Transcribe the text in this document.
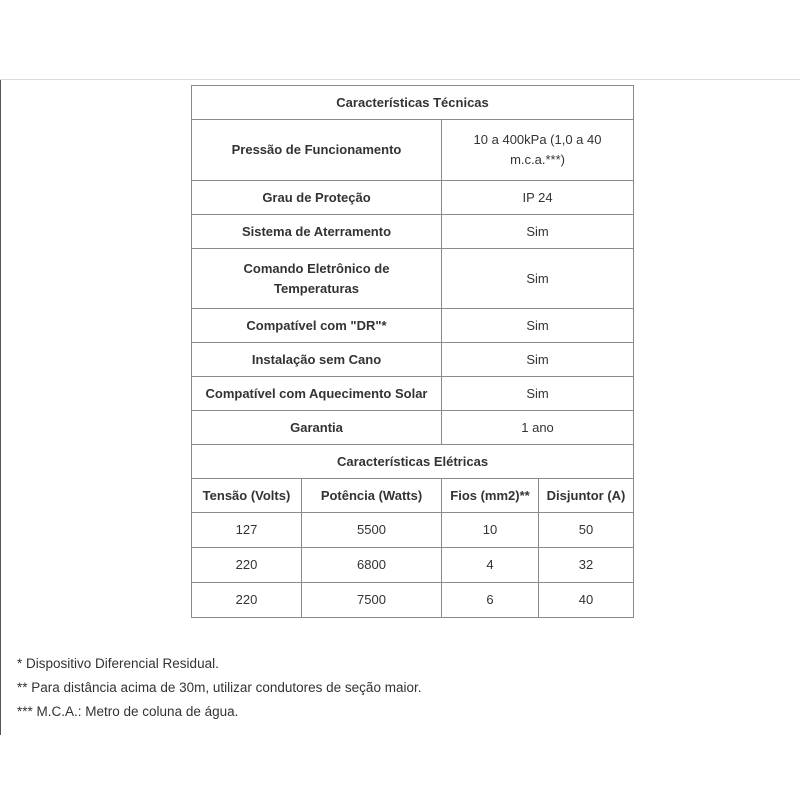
Características Técnicas			
Pressão de Funcionamento		10 a 400kPa (1,0 a 40 m.c.a.***)	
Grau de Proteção		IP 24	
Sistema de Aterramento		Sim	
Comando Eletrônico de Temperaturas		Sim	
Compatível com "DR"*		Sim	
Instalação sem Cano		Sim	
Compatível com Aquecimento Solar		Sim	
Garantia		1 ano	
Características Elétricas			
Tensão (Volts)	Potência (Watts)	Fios (mm2)**	Disjuntor (A)
127	5500	10	50
220	6800	4	32
220	7500	6	40

* Dispositivo Diferencial Residual.

** Para distância acima de 30m, utilizar condutores de seção maior.

*** M.C.A.: Metro de coluna de água.
